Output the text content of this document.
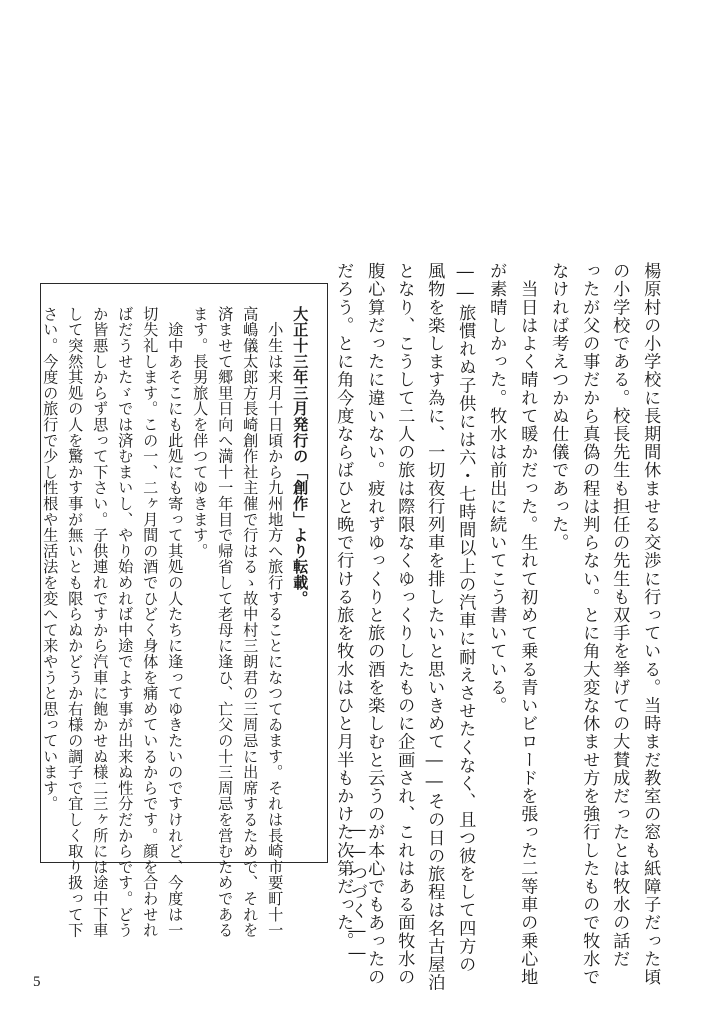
楊原村の小学校に長期間休ませる交渉に行っている。当時まだ教室の窓も紙障子だった頃
の小学校である。校長先生も担任の先生も双手を挙げての大賛成だったとは牧水の話だ
ったが父の事だから真偽の程は判らない。とに角大変な休ませ方を強行したもので牧水で
なければ考えつかぬ仕儀であった。
　当日はよく晴れて暖かだった。生れて初めて乗る青いビロードを張った二等車の乗心地
が素晴しかった。牧水は前出に続いてこう書いている。
――旅慣れぬ子供には六・七時間以上の汽車に耐えさせたくなく、且つ彼をして四方の
風物を楽します為に、一切夜行列車を排したいと思いきめて――その日の旅程は名古屋泊
となり、こうして二人の旅は際限なくゆっくりしたものに企画され、これはある面牧水の
腹心算だったに違いない。疲れずゆっくりと旅の酒を楽しむと云うのが本心でもあったの
だろう。とに角今度ならばひと晩で行ける旅を牧水はひと月半もかけた次第だった。
――つづく――
大正十三年三月発行の「創作」より転載。
　小生は来月十日頃から九州地方へ旅行することになつてゐます。それは長崎市要町十一
高嶋儀太郎方長崎創作社主催で行はるゝ故中村三朗君の三周忌に出席するためで、それを
済ませて郷里日向へ満十一年目で帰省して老母に逢ひ、亡父の十三周忌を営むためである
ます。長男旅人を伴つてゆきます。
　途中あそこにも此処にも寄って其処の人たちに逢ってゆきたいのですけれど、今度は一
切失礼します。この一、二ヶ月間の酒でひどく身体を痛めているからです。顔を合わせれ
ばだうせたゞでは済むまいし、やり始めれば中途でよす事が出来ぬ性分だからです。どう
か皆悪しからず思って下さい。子供連れですから汽車に飽かせぬ様二三ヶ所には途中下車
して突然其処の人を驚かす事が無いとも限らぬかどうか右様の調子で宜しく取り扱って下
さい。今度の旅行で少し性根や生活法を変へて来やうと思っています。
5
